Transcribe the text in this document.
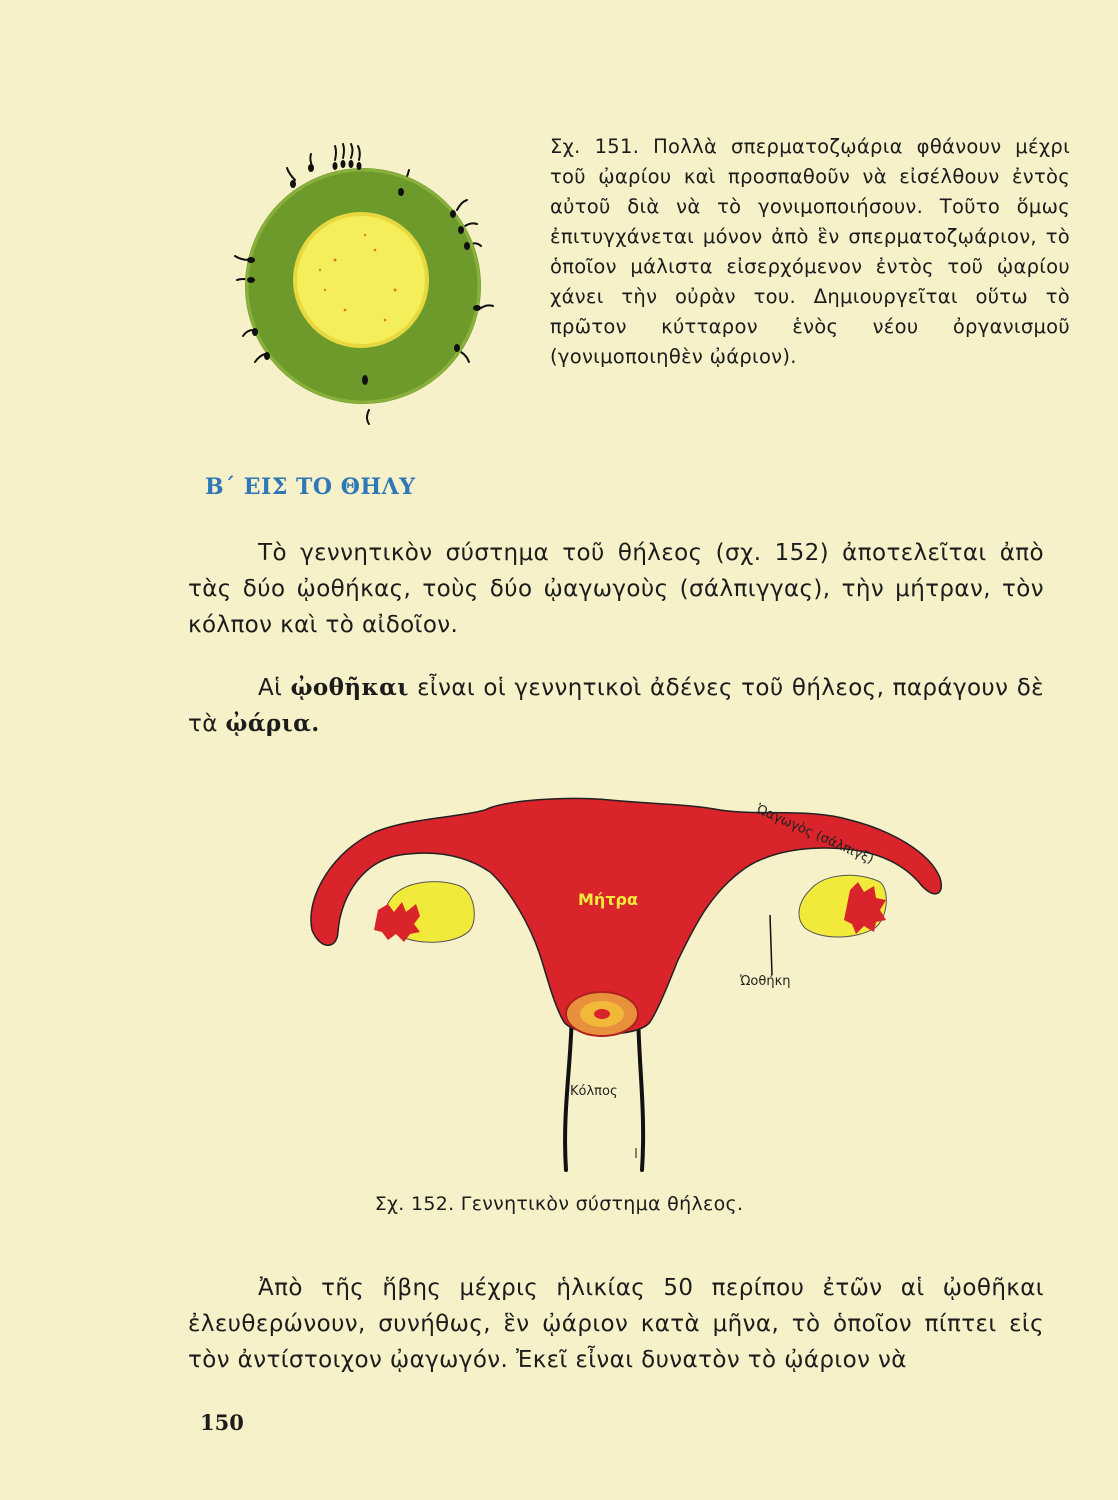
Σχ. 151. Πολλὰ σπερματοζῳάρια φθάνουν μέχρι τοῦ ᾠαρίου καὶ προσπαθοῦν νὰ εἰσέλθουν ἐντὸς αὐτοῦ διὰ νὰ τὸ γονιμοποιήσουν. Τοῦτο ὅμως ἐπιτυγχάνεται μόνον ἀπὸ ἓν σπερματοζῳάριον, τὸ ὁποῖον μάλιστα εἰσερχόμενον ἐντὸς τοῦ ᾠαρίου χάνει τὴν οὐρὰν του. Δημιουργεῖται οὕτω τὸ πρῶτον κύτταρον ἑνὸς νέου ὀργανισμοῦ (γονιμοποιηθὲν ᾠάριον).
Β΄ ΕΙΣ ΤΟ ΘΗΛΥ

Τὸ γεννητικὸν σύστημα τοῦ θήλεος (σχ. 152) ἀποτελεῖται ἀπὸ τὰς δύο ᾠοθήκας, τοὺς δύο ᾠαγωγοὺς (σάλπιγγας), τὴν μήτραν, τὸν κόλπον καὶ τὸ αἰδοῖον.

Αἱ ᾠοθῆκαι εἶναι οἱ γεννητικοὶ ἀδένες τοῦ θήλεος, παράγουν δὲ τὰ ᾠάρια.

Μήτρα
Ὠαγωγὸς (σάλπιγξ)
Ὠοθήκη
Κόλπος
Σχ. 152. Γεννητικὸν σύστημα θήλεος.

Ἀπὸ τῆς ἥβης μέχρις ἡλικίας 50 περίπου ἐτῶν αἱ ᾠοθῆκαι ἐλευθερώνουν, συνήθως, ἓν ᾠάριον κατὰ μῆνα, τὸ ὁποῖον πίπτει εἰς τὸν ἀντίστοιχον ᾠαγωγόν. Ἐκεῖ εἶναι δυνατὸν τὸ ᾠάριον νὰ

150
